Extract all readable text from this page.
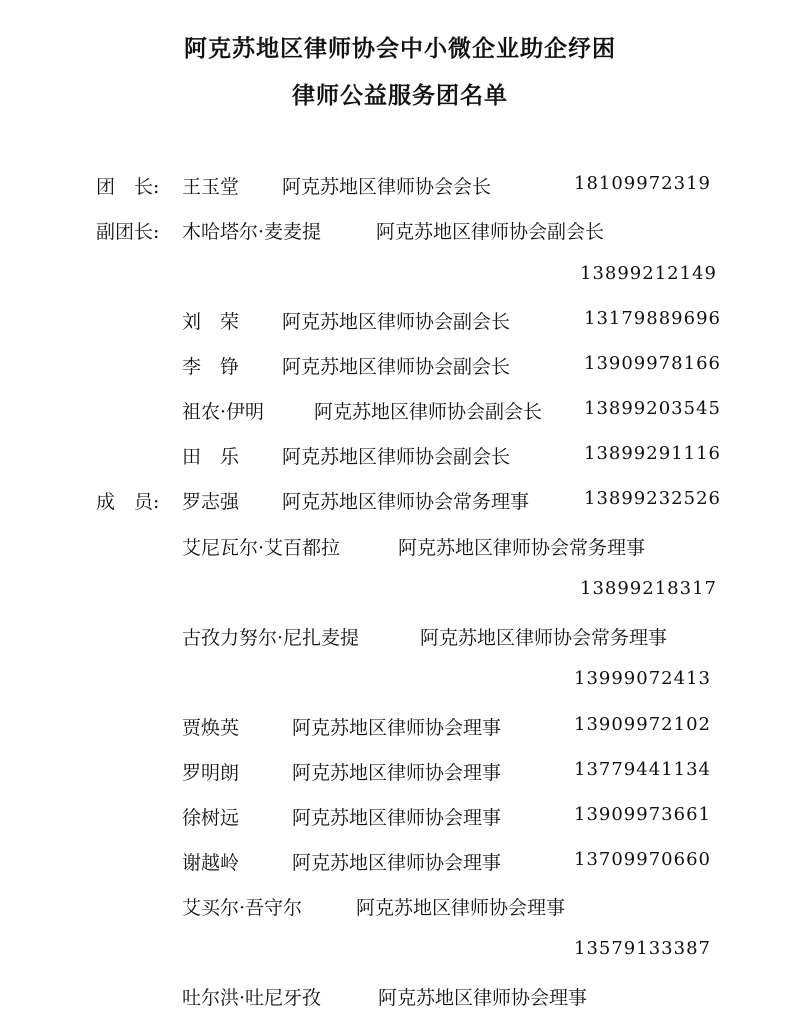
阿克苏地区律师协会中小微企业助企纾困
律师公益服务团名单
团　长: 王玉堂 阿克苏地区律师协会会长	18109972319
副团长: 木哈塔尔·麦麦提	阿克苏地区律师协会副会长
13899212149
刘　荣 阿克苏地区律师协会副会长	13179889696
李　铮 阿克苏地区律师协会副会长	13909978166
祖农·伊明	阿克苏地区律师协会副会长 13899203545
田　乐 阿克苏地区律师协会副会长	13899291116
成　员: 罗志强 阿克苏地区律师协会常务理事	13899232526
艾尼瓦尔·艾百都拉	阿克苏地区律师协会常务理事
13899218317
古孜力努尔·尼扎麦提	阿克苏地区律师协会常务理事
13999072413
贾焕英	阿克苏地区律师协会理事	13909972102
罗明朗	阿克苏地区律师协会理事	13779441134
徐树远	阿克苏地区律师协会理事	13909973661
谢越岭	阿克苏地区律师协会理事	13709970660
艾买尔·吾守尔	阿克苏地区律师协会理事
13579133387
吐尔洪·吐尼牙孜	阿克苏地区律师协会理事
